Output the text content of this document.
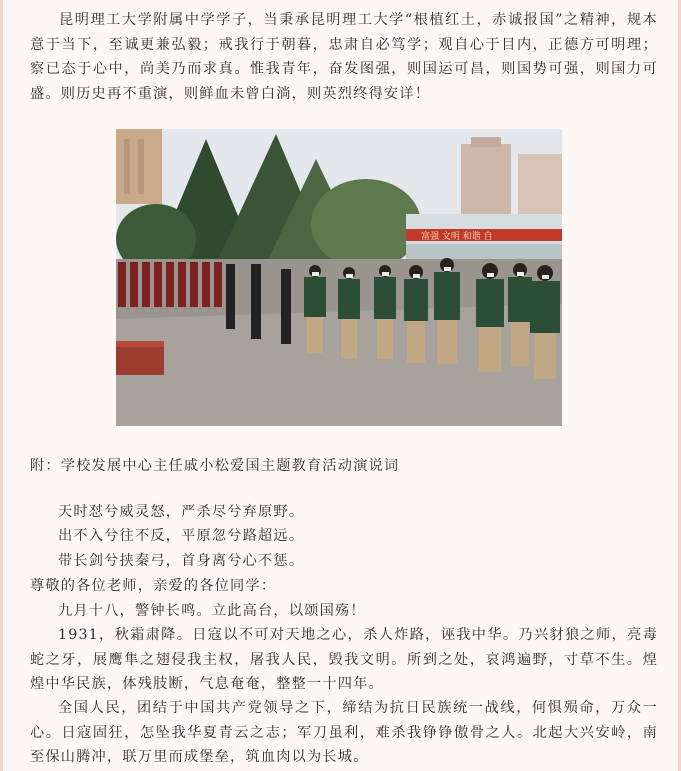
昆明理工大学附属中学学子，当秉承昆明理工大学“根植红土，赤诚报国”之精神，规本意于当下，至诚更兼弘毅；戒我行于朝暮，忠肃自必笃学；观自心于目内，正德方可明理；察已态于心中，尚美乃而求真。惟我青年，奋发图强，则国运可昌，则国势可强，则国力可盛。则历史再不重演，则鲜血未曾白淌，则英烈终得安详！
富强 文明 和谐 自
附：学校发展中心主任戚小松爱国主题教育活动演说词
天时怼兮威灵怒，严杀尽兮弃原野。
出不入兮往不反，平原忽兮路超远。
带长剑兮挟秦弓，首身离兮心不惩。
尊敬的各位老师，亲爱的各位同学：
九月十八，警钟长鸣。立此高台，以颂国殇！
1931，秋霜肃降。日寇以不可对天地之心，杀人炸路，诬我中华。乃兴豺狼之师，亮毒蛇之牙，展鹰隼之翅侵我主权，屠我人民，毁我文明。所到之处，哀鸿遍野，寸草不生。煌煌中华民族，体残肢断，气息奄奄，整整一十四年。
全国人民，团结于中国共产党领导之下，缔结为抗日民族统一战线，何惧殒命，万众一心。日寇固狂，怎坠我华夏青云之志；军刀虽利，难杀我铮铮傲骨之人。北起大兴安岭，南至保山腾冲，联万里而成堡垒，筑血肉以为长城。
